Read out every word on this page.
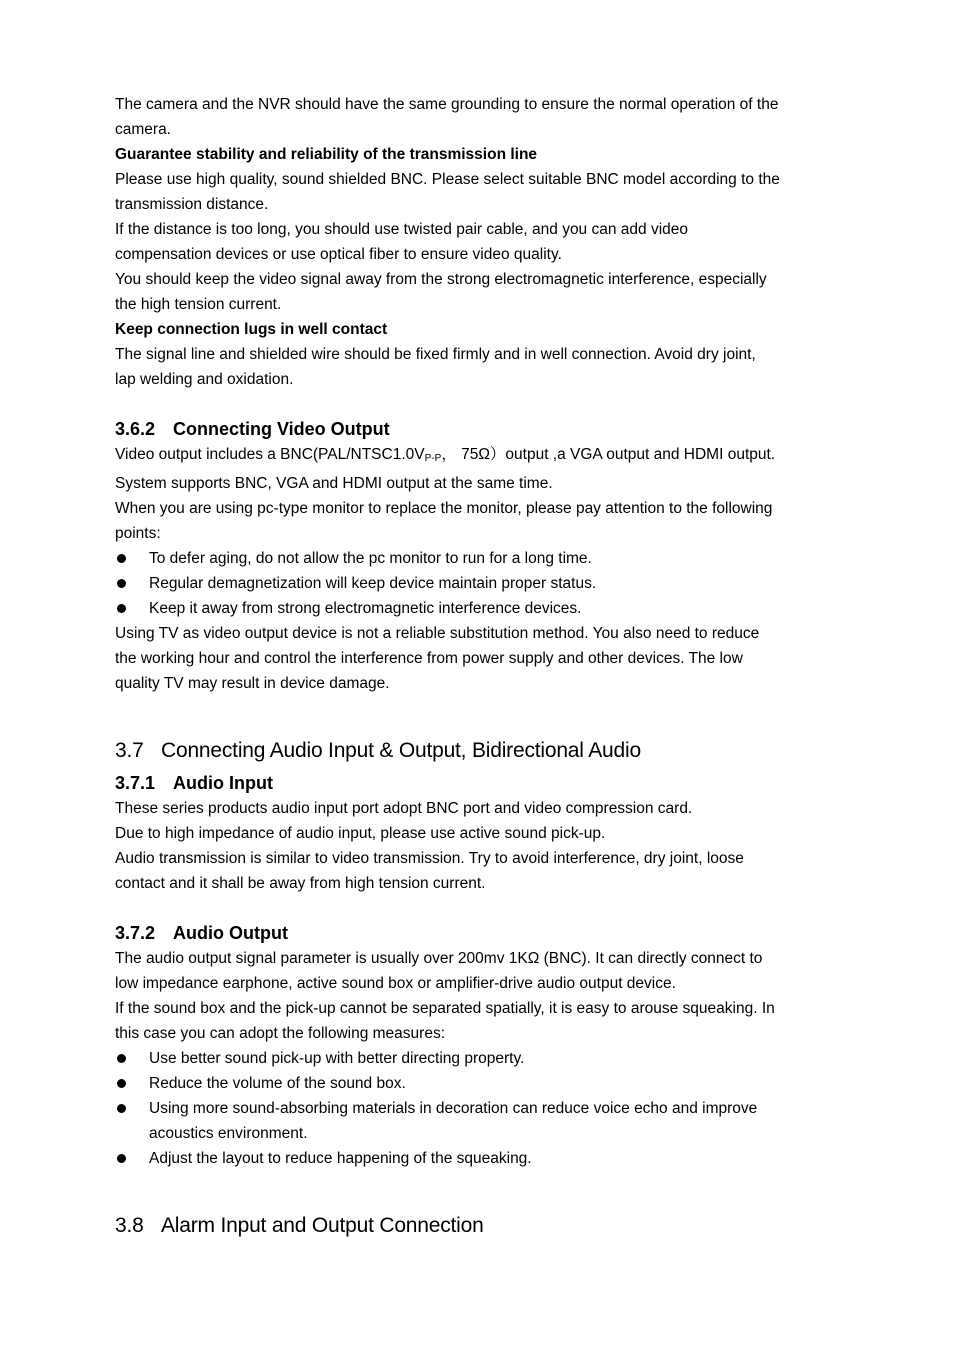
The camera and the NVR should have the same grounding to ensure the normal operation of the

camera.

Guarantee stability and reliability of the transmission line

Please use high quality, sound shielded BNC. Please select suitable BNC model according to the

transmission distance.

If the distance is too long, you should use twisted pair cable, and you can add video

compensation devices or use optical fiber to ensure video quality.

You should keep the video signal away from the strong electromagnetic interference, especially

the high tension current.

Keep connection lugs in well contact

The signal line and shielded wire should be fixed firmly and in well connection. Avoid dry joint,

lap welding and oxidation.

3.6.2 Connecting Video Output

Video output includes a $BNC(PAL/NTSC1.0V_{P-P}$， 75Ω）output ,a VGA output and HDMI output.

System supports BNC, VGA and HDMI output at the same time.

When you are using pc-type monitor to replace the monitor, please pay attention to the following

points:

To defer aging, do not allow the pc monitor to run for a long time.
Regular demagnetization will keep device maintain proper status.
Keep it away from strong electromagnetic interference devices.

Using TV as video output device is not a reliable substitution method. You also need to reduce

the working hour and control the interference from power supply and other devices. The low

quality TV may result in device damage.

3.7 Connecting Audio Input & Output, Bidirectional Audio

3.7.1 Audio Input

These series products audio input port adopt BNC port and video compression card.

Due to high impedance of audio input, please use active sound pick-up.

Audio transmission is similar to video transmission. Try to avoid interference, dry joint, loose

contact and it shall be away from high tension current.

3.7.2 Audio Output

The audio output signal parameter is usually over 200mv 1KΩ (BNC). It can directly connect to

low impedance earphone, active sound box or amplifier-drive audio output device.

If the sound box and the pick-up cannot be separated spatially, it is easy to arouse squeaking. In

this case you can adopt the following measures:

Use better sound pick-up with better directing property.
Reduce the volume of the sound box.
Using more sound-absorbing materials in decoration can reduce voice echo and improve
acoustics environment.
Adjust the layout to reduce happening of the squeaking.

3.8 Alarm Input and Output Connection
